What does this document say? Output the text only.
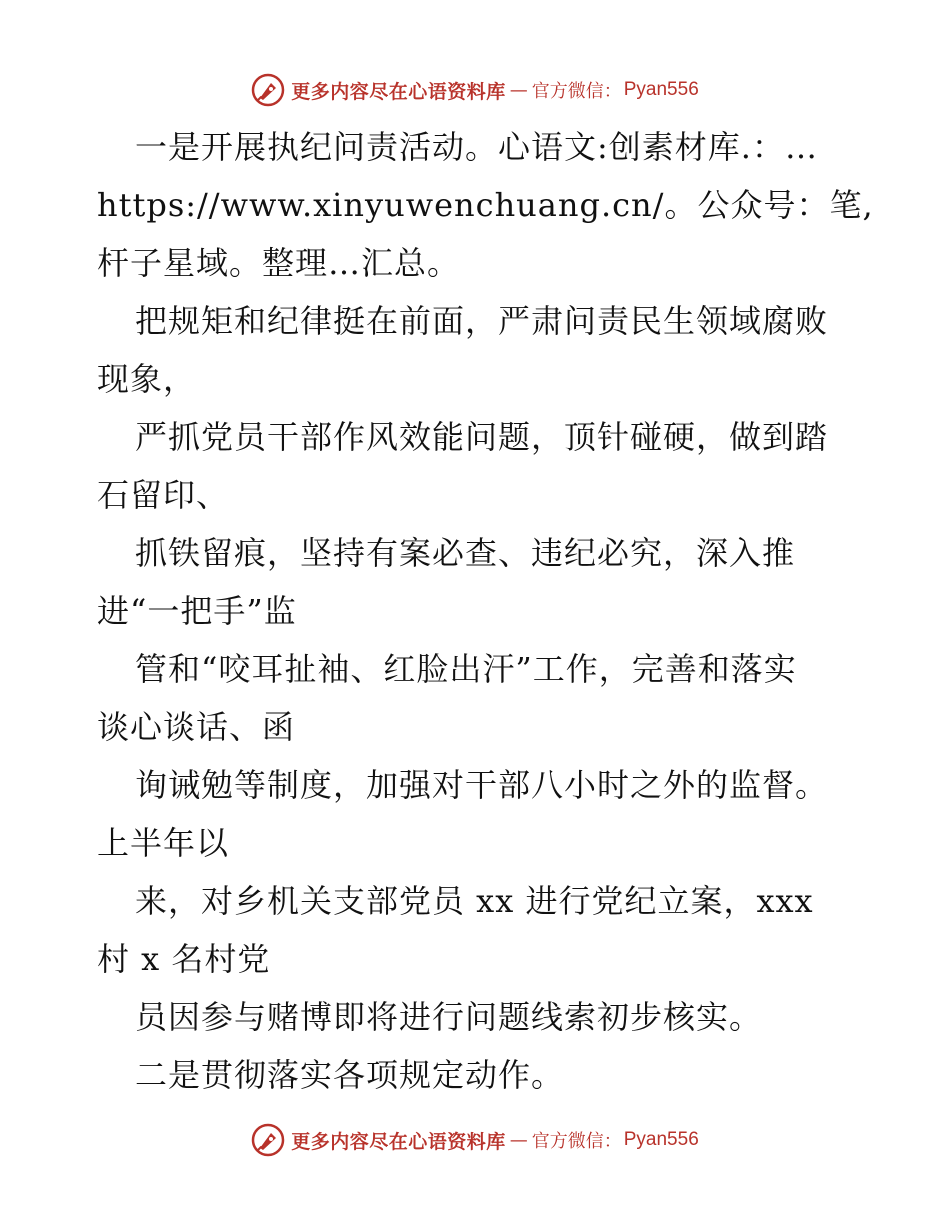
更多内容尽在心语资料库 — 官方微信： Pyan556
一是开展执纪问责活动。心语文:创素材库.：…
https://www.xinyuwenchuang.cn/。公众号：笔,
杆子星域。整理…汇总。
把规矩和纪律挺在前面，严肃问责民生领域腐败
现象，
严抓党员干部作风效能问题，顶针碰硬，做到踏
石留印、
抓铁留痕，坚持有案必查、违纪必究，深入推
进“一把手”监
管和“咬耳扯袖、红脸出汗”工作，完善和落实
谈心谈话、函
询诫勉等制度，加强对干部八小时之外的监督。
上半年以
来，对乡机关支部党员 xx 进行党纪立案，xxx
村 x 名村党
员因参与赌博即将进行问题线索初步核实。
二是贯彻落实各项规定动作。
更多内容尽在心语资料库 — 官方微信： Pyan556
